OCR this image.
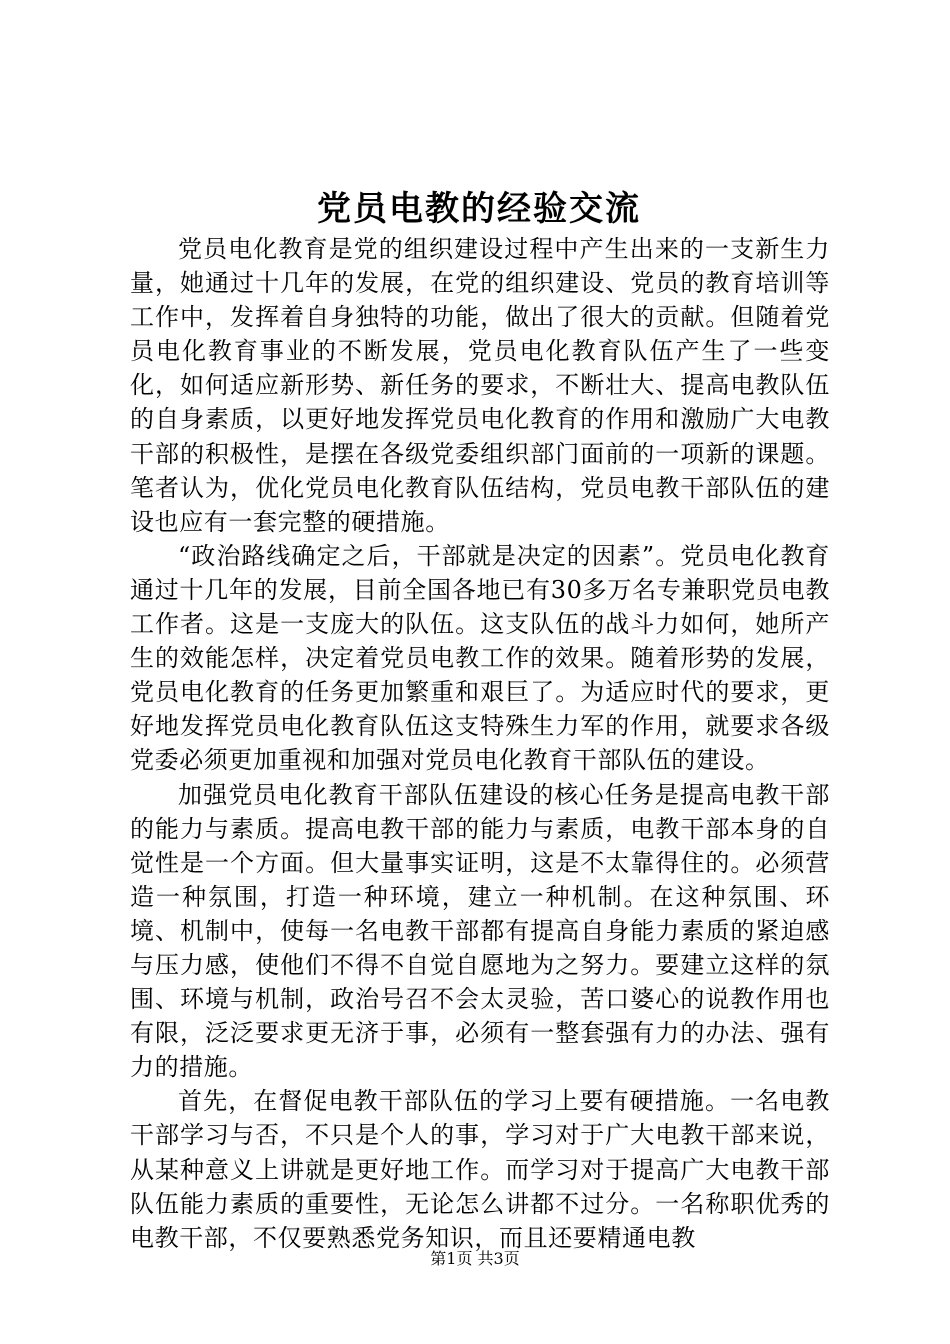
党员电教的经验交流

党员电化教育是党的组织建设过程中产生出来的一支新生力量，她通过十几年的发展，在党的组织建设、党员的教育培训等工作中，发挥着自身独特的功能，做出了很大的贡献。但随着党员电化教育事业的不断发展，党员电化教育队伍产生了一些变化，如何适应新形势、新任务的要求，不断壮大、提高电教队伍的自身素质，以更好地发挥党员电化教育的作用和激励广大电教干部的积极性，是摆在各级党委组织部门面前的一项新的课题。笔者认为，优化党员电化教育队伍结构，党员电教干部队伍的建设也应有一套完整的硬措施。

“政治路线确定之后，干部就是决定的因素”。党员电化教育通过十几年的发展，目前全国各地已有30多万名专兼职党员电教工作者。这是一支庞大的队伍。这支队伍的战斗力如何，她所产生的效能怎样，决定着党员电教工作的效果。随着形势的发展，党员电化教育的任务更加繁重和艰巨了。为适应时代的要求，更好地发挥党员电化教育队伍这支特殊生力军的作用，就要求各级党委必须更加重视和加强对党员电化教育干部队伍的建设。

加强党员电化教育干部队伍建设的核心任务是提高电教干部的能力与素质。提高电教干部的能力与素质，电教干部本身的自觉性是一个方面。但大量事实证明，这是不太靠得住的。必须营造一种氛围，打造一种环境，建立一种机制。在这种氛围、环境、机制中，使每一名电教干部都有提高自身能力素质的紧迫感与压力感，使他们不得不自觉自愿地为之努力。要建立这样的氛围、环境与机制，政治号召不会太灵验，苦口婆心的说教作用也有限，泛泛要求更无济于事，必须有一整套强有力的办法、强有力的措施。

首先，在督促电教干部队伍的学习上要有硬措施。一名电教干部学习与否，不只是个人的事，学习对于广大电教干部来说，从某种意义上讲就是更好地工作。而学习对于提高广大电教干部队伍能力素质的重要性，无论怎么讲都不过分。一名称职优秀的电教干部，不仅要熟悉党务知识，而且还要精通电教

第1页 共3页
